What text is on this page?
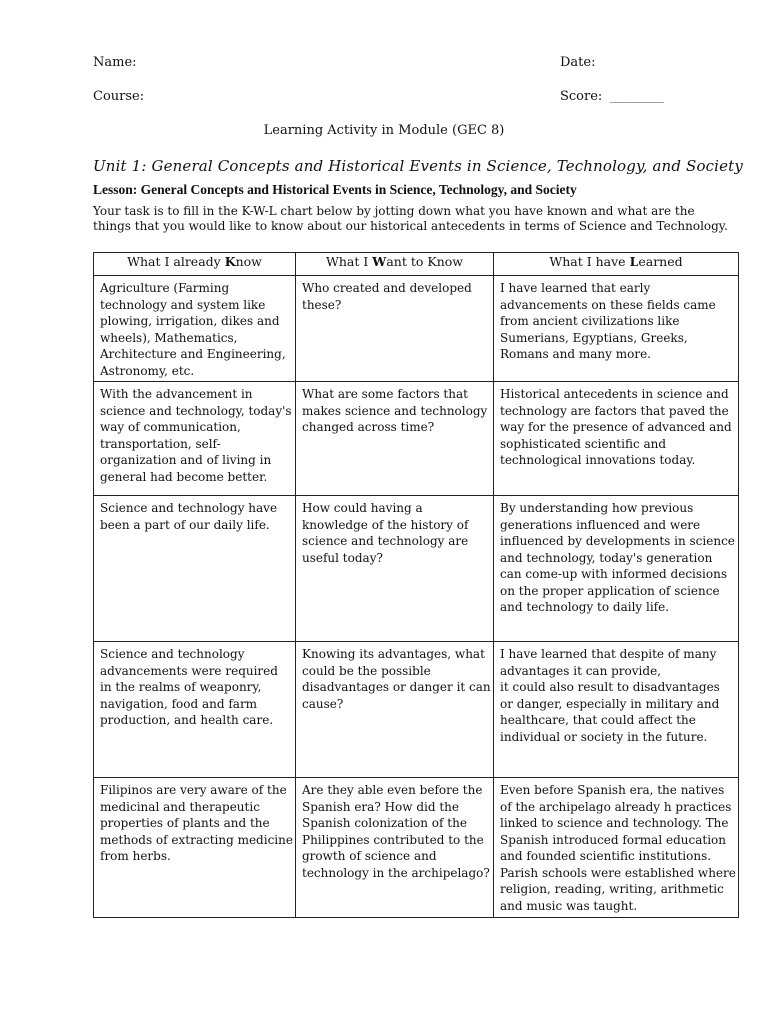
Name:	Date:
Course:	Score: ____________
Learning Activity in Module (GEC 8)
Unit 1: General Concepts and Historical Events in Science, Technology, and Society
Lesson: General Concepts and Historical Events in Science, Technology, and Society
Your task is to fill in the K-W-L chart below by jotting down what you have known and what are the things that you would like to know about our historical antecedents in terms of Science and Technology.
What I already Know	What I Want to Know	What I have Learned

Agriculture (Farming technology and system like plowing, irrigation, dikes and wheels), Mathematics, Architecture and Engineering, Astronomy, etc.	Who created and developed these?	I have learned that early advancements on these fields came from ancient civilizations like Sumerians, Egyptians, Greeks, Romans and many more.

With the advancement in science and technology, today's way of communication, transportation, self-organization and of living in general had become better.	What are some factors that makes science and technology changed across time?	Historical antecedents in science and technology are factors that paved the way for the presence of advanced and sophisticated scientific and technological innovations today.

Science and technology have been a part of our daily life.	How could having a knowledge of the history of science and technology are useful today?	By understanding how previous generations influenced and were influenced by developments in science and technology, today's generation can come-up with informed decisions on the proper application of science and technology to daily life.

Science and technology advancements were required in the realms of weaponry, navigation, food and farm production, and health care.	Knowing its advantages, what could be the possible disadvantages or danger it can cause?	I have learned that despite of many advantages it can provide,
it could also result to disadvantages or danger, especially in military and healthcare, that could affect the individual or society in the future.

Filipinos are very aware of the medicinal and therapeutic properties of plants and the methods of extracting medicine from herbs.	Are they able even before the Spanish era? How did the Spanish colonization of the Philippines contributed to the growth of science and technology in the archipelago?	Even before Spanish era, the natives of the archipelago already h practices linked to science and technology. The Spanish introduced formal education and founded scientific institutions. Parish schools were established where religion, reading, writing, arithmetic and music was taught.
